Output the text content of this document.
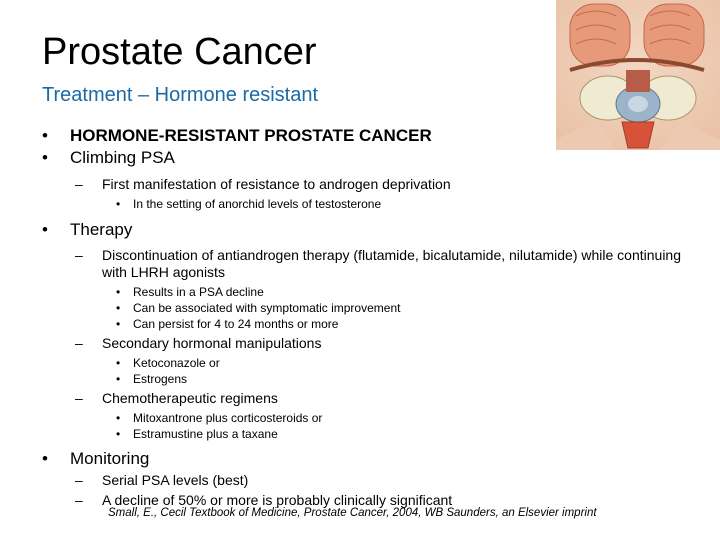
Prostate Cancer
Treatment – Hormone resistant
• HORMONE-RESISTANT PROSTATE CANCER
• Climbing PSA
– First manifestation of resistance to androgen deprivation
• In the setting of anorchid levels of testosterone
• Therapy
– Discontinuation of antiandrogen therapy (flutamide, bicalutamide, nilutamide) while continuing with LHRH agonists
• Results in a PSA decline
• Can be associated with symptomatic improvement
• Can persist for 4 to 24 months or more
– Secondary hormonal manipulations
• Ketoconazole or
• Estrogens
– Chemotherapeutic regimens
• Mitoxantrone plus corticosteroids or
• Estramustine plus a taxane
• Monitoring
– Serial PSA levels (best)
– A decline of 50% or more is probably clinically significant
Small, E., Cecil Textbook of Medicine, Prostate Cancer, 2004, WB Saunders, an Elsevier imprint
